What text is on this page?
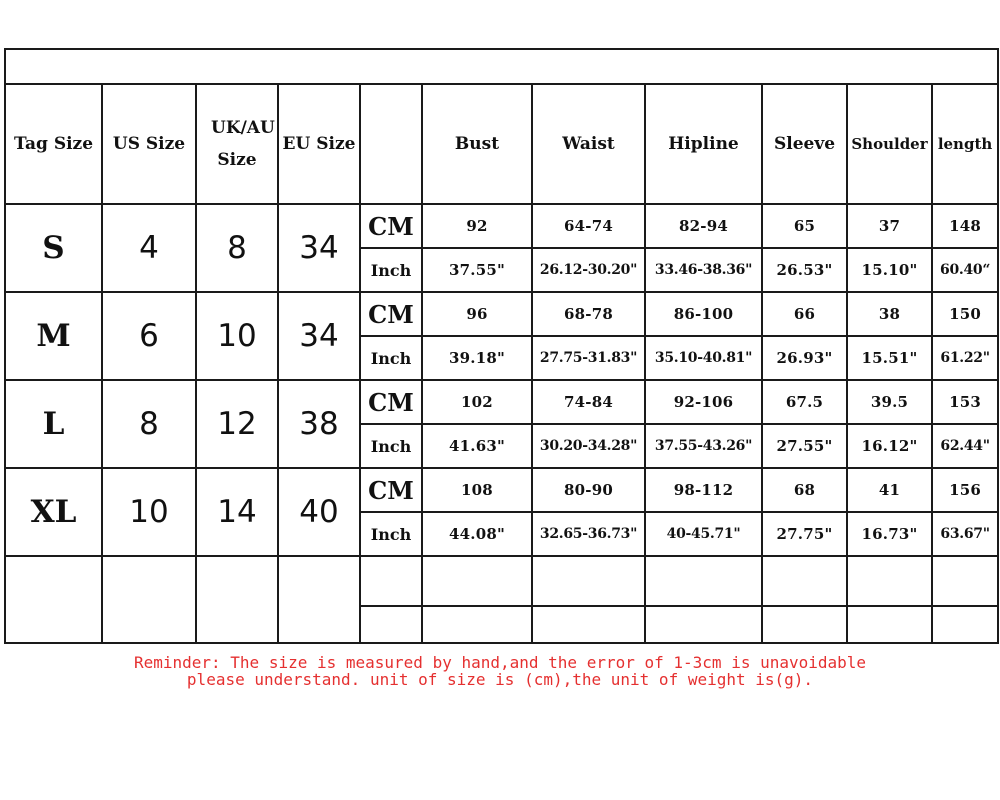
Tag Size	US Size	UK/AU Size	EU Size		Bust	Waist	Hipline	Sleeve	Shoulder	length
S	4	8	34	CM	92	64-74	82-94	65	37	148
				Inch	37.55"	26.12-30.20"	33.46-38.36"	26.53"	15.10"	60.40“
M	6	10	34	CM	96	68-78	86-100	66	38	150
				Inch	39.18"	27.75-31.83"	35.10-40.81"	26.93"	15.51"	61.22"
L	8	12	38	CM	102	74-84	92-106	67.5	39.5	153
				Inch	41.63"	30.20-34.28"	37.55-43.26"	27.55"	16.12"	62.44"
XL	10	14	40	CM	108	80-90	98-112	68	41	156
				Inch	44.08"	32.65-36.73"	40-45.71"	27.75"	16.73"	63.67"

Reminder: The size is measured by hand,and the error of 1-3cm is unavoidable
please understand. unit of size is (cm),the unit of weight is(g).
